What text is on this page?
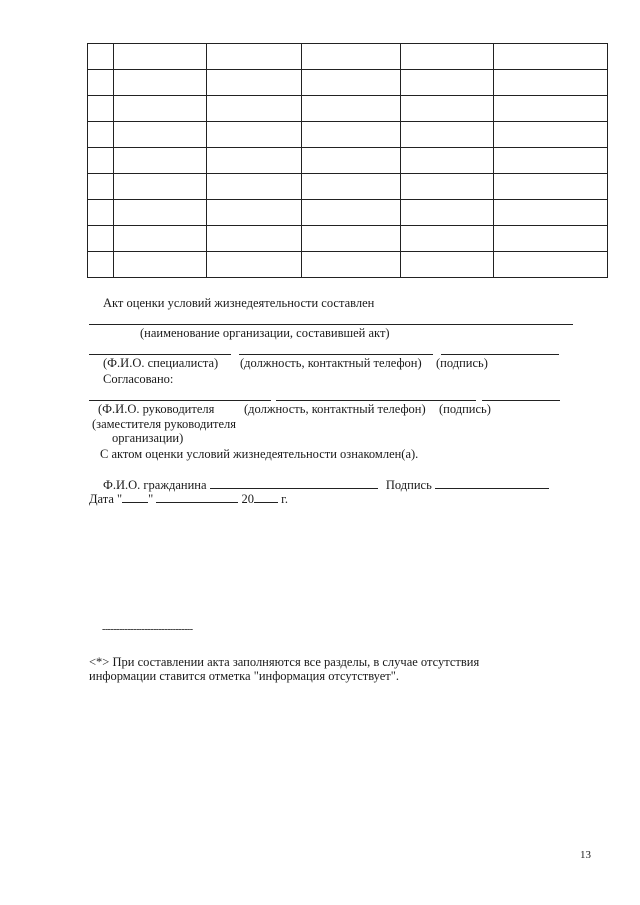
Акт оценки условий жизнедеятельности составлен
(наименование организации, составившей акт)
(Ф.И.О. специалиста) (должность, контактный телефон) (подпись)
Согласовано:
(Ф.И.О. руководителя (должность, контактный телефон) (подпись)
(заместителя руководителя
организации)
С актом оценки условий жизнедеятельности ознакомлен(а).
Ф.И.О. гражданина	Подпись
Дата " "	20 г.
--------------------------------
<*> При составлении акта заполняются все разделы, в случае отсутствия
информации ставится отметка "информация отсутствует".
13
